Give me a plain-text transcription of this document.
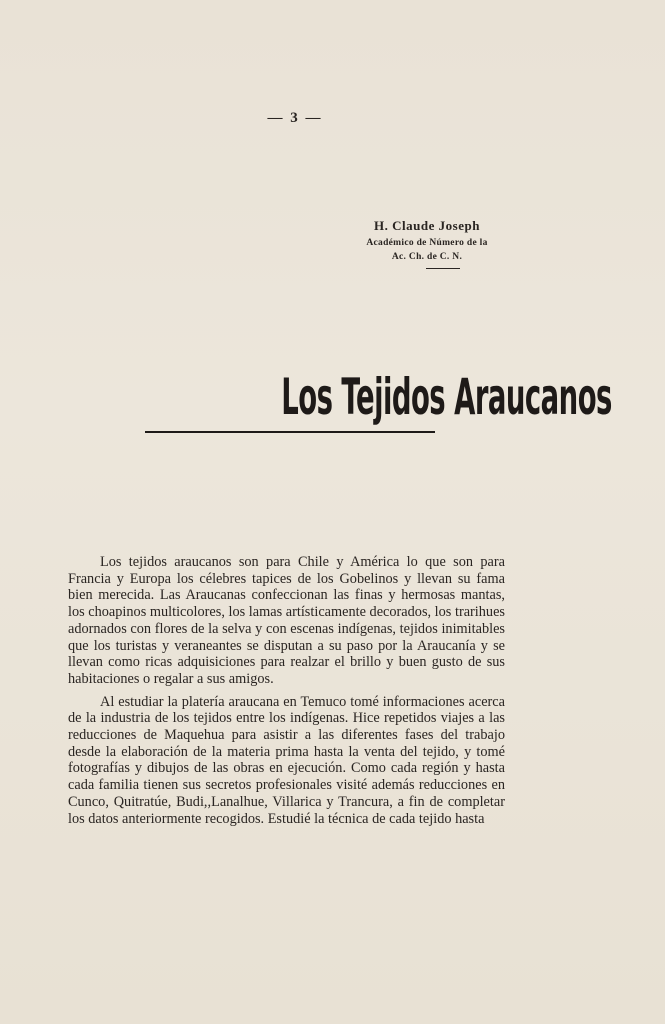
— 3 —
H. Claude Joseph
Académico de Número de la
Ac. Ch. de C. N.
Los Tejidos Araucanos

Los tejidos araucanos son para Chile y América lo que son para Francia y Europa los célebres tapices de los Gobelinos y llevan su fama bien merecida. Las Araucanas confeccionan las finas y hermosas mantas, los choapinos multicolores, los lamas artísticamente decorados, los trarihues adornados con flores de la selva y con escenas indígenas, tejidos inimitables que los turistas y veraneantes se disputan a su paso por la Araucanía y se llevan como ricas adquisiciones para realzar el brillo y buen gusto de sus habitaciones o regalar a sus amigos.

Al estudiar la platería araucana en Temuco tomé informaciones acerca de la industria de los tejidos entre los indígenas. Hice repetidos viajes a las reducciones de Maquehua para asistir a las diferentes fases del trabajo desde la elaboración de la materia prima hasta la venta del tejido, y tomé fotografías y dibujos de las obras en ejecución. Como cada región y hasta cada familia tienen sus secretos profesionales visité además reducciones en Cunco, Quitratúe, Budi,,Lanalhue, Villarica y Trancura, a fin de completar los datos anteriormente recogidos. Estudié la técnica de cada tejido hasta
